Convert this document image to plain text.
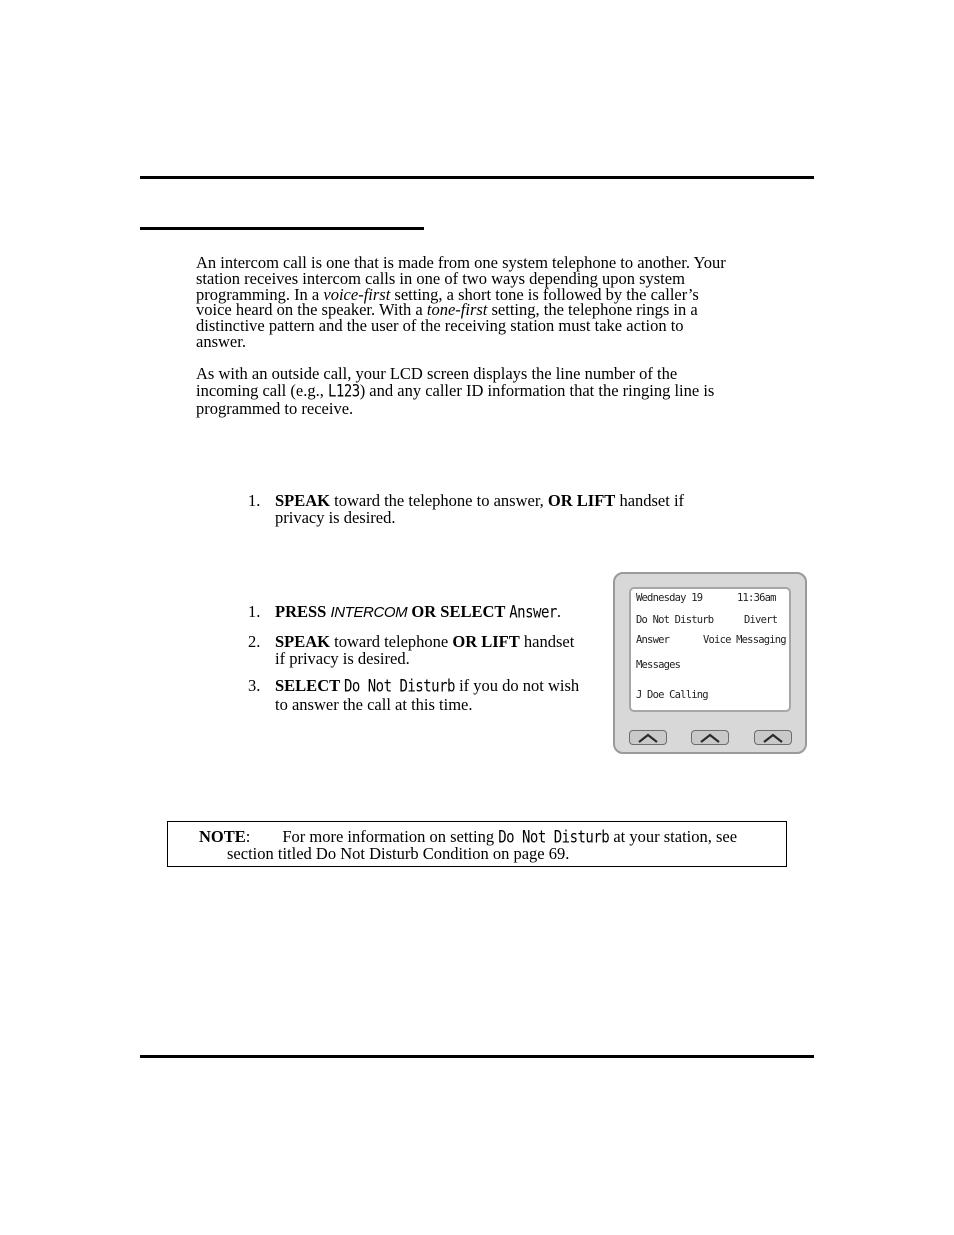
An intercom call is one that is made from one system telephone to another. Your
station receives intercom calls in one of two ways depending upon system
programming. In a voice-first setting, a short tone is followed by the caller’s
voice heard on the speaker. With a tone-first setting, the telephone rings in a
distinctive pattern and the user of the receiving station must take action to
answer.
As with an outside call, your LCD screen displays the line number of the
incoming call (e.g., L123) and any caller ID information that the ringing line is
programmed to receive.
1. SPEAK toward the telephone to answer, OR LIFT handset if
privacy is desired.
1. PRESS INTERCOM OR SELECT Answer.
2. SPEAK toward telephone OR LIFT handset
if privacy is desired.
3. SELECT Do Not Disturb if you do not wish
to answer the call at this time.
Wednesday 19	11:36am
Do Not Disturb	Divert
Answer	Voice Messaging
Messages
J Doe Calling
NOTE: For more information on setting Do Not Disturb at your station, see
section titled Do Not Disturb Condition on page 69.
